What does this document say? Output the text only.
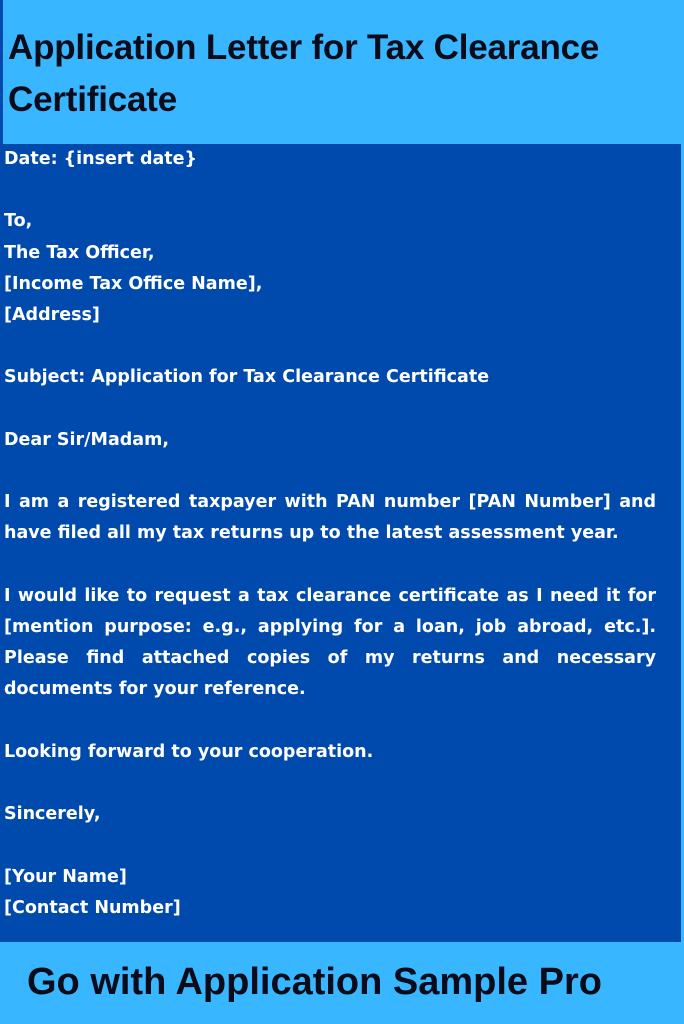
Application Letter for Tax Clearance Certificate
Date: {insert date}
To,
The Tax Officer,
[Income Tax Office Name],
[Address]
Subject: Application for Tax Clearance Certificate
Dear Sir/Madam,
I am a registered taxpayer with PAN number [PAN Number] and have filed all my tax returns up to the latest assessment year.
I would like to request a tax clearance certificate as I need it for [mention purpose: e.g., applying for a loan, job abroad, etc.]. Please find attached copies of my returns and necessary documents for your reference.
Looking forward to your cooperation.
Sincerely,
[Your Name]
[Contact Number]

Go with Application Sample Pro
